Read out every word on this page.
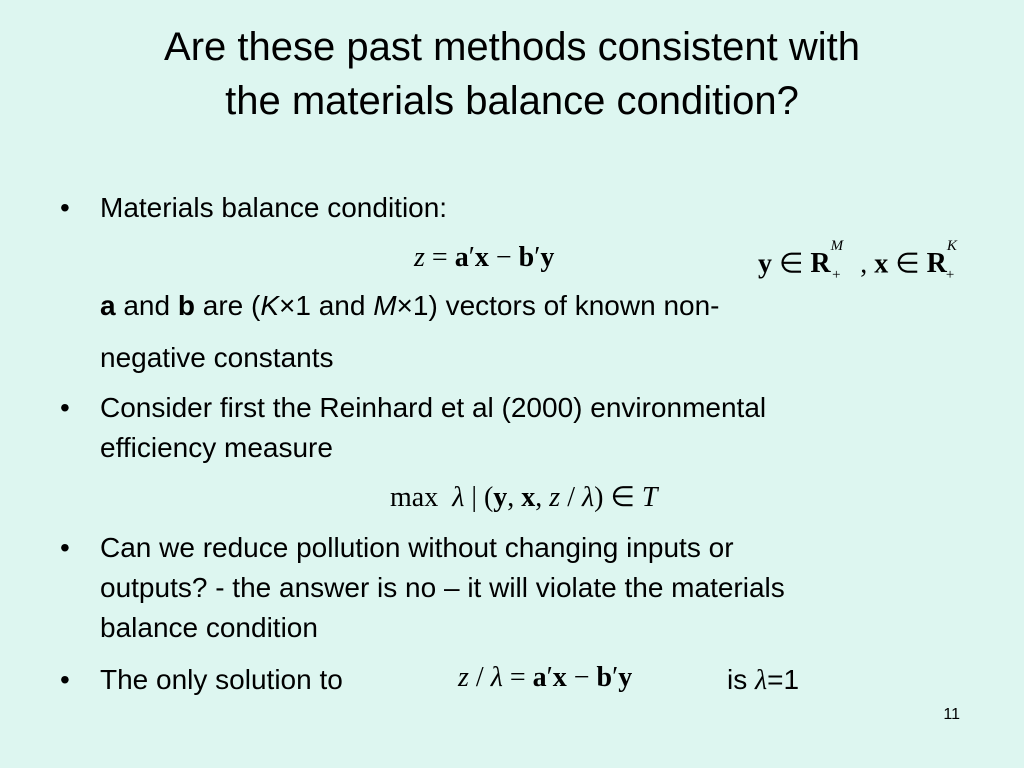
Are these past methods consistent with
the materials balance condition?
•	Materials balance condition:
z = a′x − b′y	y ∈ $R^M_+$ , x ∈ $R^K_+$
a and b are (K×1 and M×1) vectors of known non-
negative constants
•	Consider first the Reinhard et al (2000) environmental
efficiency measure
max  λ | (y, x, z / λ) ∈ T
•	Can we reduce pollution without changing inputs or
outputs? - the answer is no – it will violate the materials
balance condition
•	The only solution to	z / λ = a′x − b′y	is λ=1
11
